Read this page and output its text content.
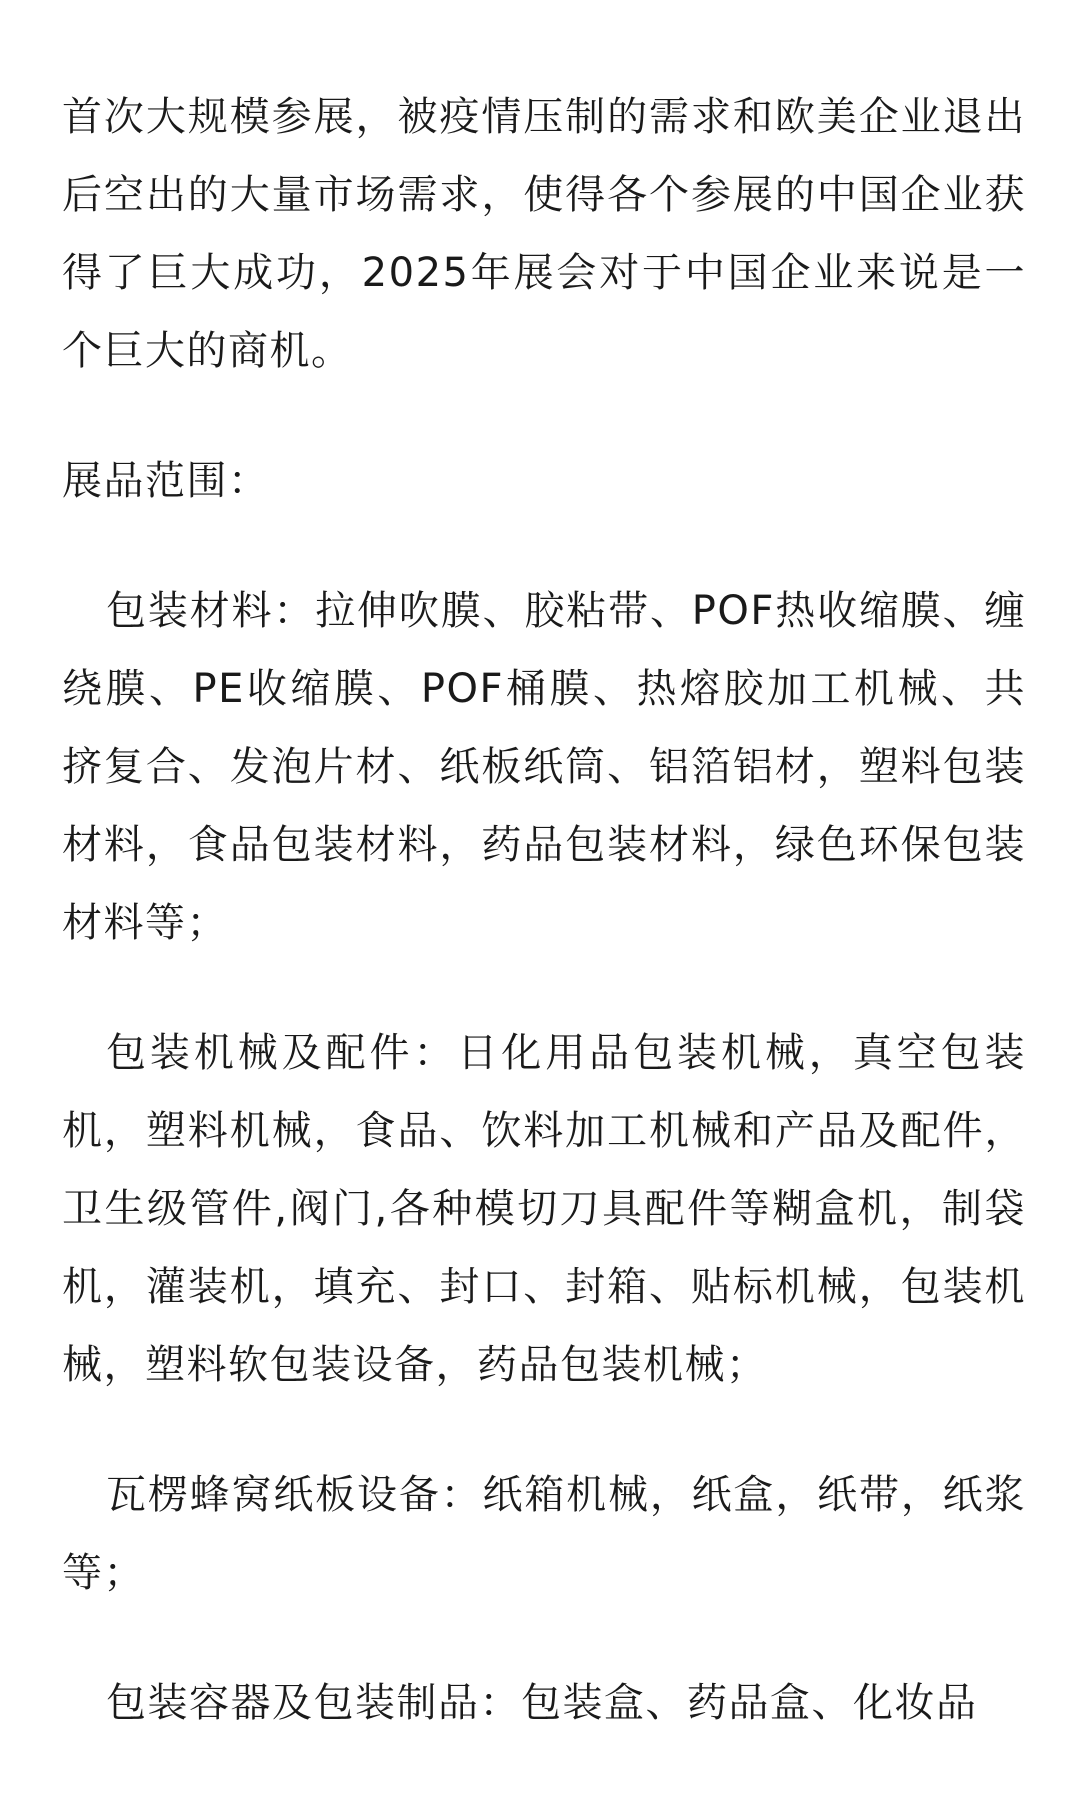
首次大规模参展，被疫情压制的需求和欧美企业退出后空出的大量市场需求，使得各个参展的中国企业获得了巨大成功，2025年展会对于中国企业来说是一个巨大的商机。

展品范围：

包装材料：拉伸吹膜、胶粘带、POF热收缩膜、缠绕膜、PE收缩膜、POF桶膜、热熔胶加工机械、共挤复合、发泡片材、纸板纸筒、铝箔铝材，塑料包装材料，食品包装材料，药品包装材料，绿色环保包装材料等；

包装机械及配件：日化用品包装机械，真空包装机，塑料机械，食品、饮料加工机械和产品及配件，卫生级管件,阀门,各种模切刀具配件等糊盒机，制袋机，灌装机，填充、封口、封箱、贴标机械，包装机械，塑料软包装设备，药品包装机械；

瓦楞蜂窝纸板设备：纸箱机械，纸盒，纸带，纸浆等；

包装容器及包装制品：包装盒、药品盒、化妆品
